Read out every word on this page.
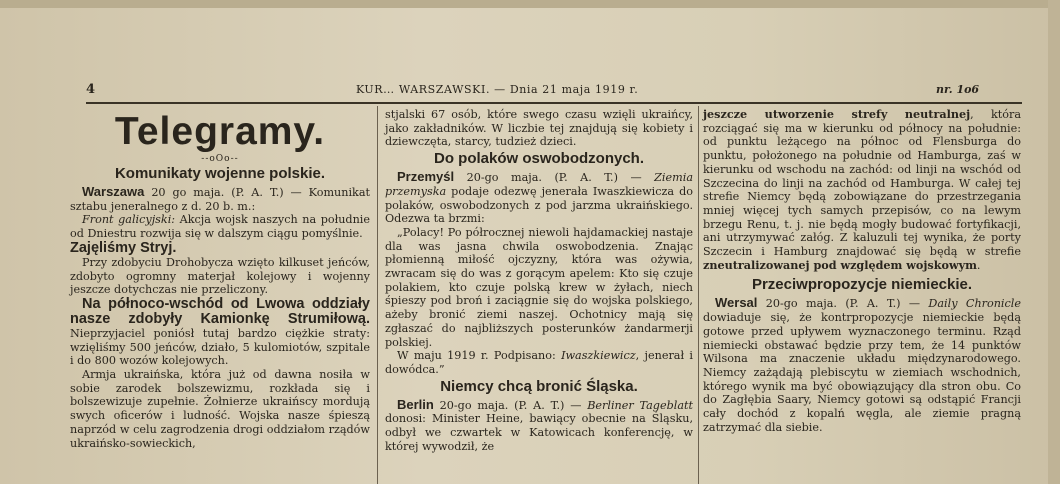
4	KUR… WARSZAWSKI. — Dnia 21 maja 1919 r.	nr. 1o6
Telegramy.
--oOo--
Komunikaty wojenne polskie.

Warszawa 20 go maja. (P. A. T.) — Komunikat sztabu jeneralnego z d. 20 b. m.:

Front galicyjski: Akcja wojsk naszych na południe od Dniestru rozwija się w dalszym ciągu pomyślnie.

Zajęliśmy Stryj.

Przy zdobyciu Drohobycza wzięto kilkuset jeńców, zdobyto ogromny materjał kolejowy i wojenny jeszcze dotychczas nie przeliczony.

Na północo-wschód od Lwowa oddziały nasze zdobyły Kamionkę Strumiłową. Nieprzyjaciel poniósł tutaj bardzo ciężkie straty: wzięliśmy 500 jeńców, działo, 5 kulomiotów, szpitale i do 800 wozów kolejowych.

Armja ukraińska, która już od dawna nosiła w sobie zarodek bolszewizmu, rozkłada się i bolszewizuje zupełnie. Żołnierze ukraińscy mordują swych oficerów i ludność. Wojska nasze śpieszą naprzód w celu zagrodzenia drogi oddziałom rządów ukraińsko-sowieckich,

stjalski 67 osób, które swego czasu wzięli ukraińcy, jako zakładników. W liczbie tej znajdują się kobiety i dziewczęta, starcy, tudzież dzieci.

Do polaków oswobodzonych.

Przemyśl 20-go maja. (P. A. T.) — Ziemia przemyska podaje odezwę jenerała Iwaszkiewicza do polaków, oswobodzonych z pod jarzma ukraińskiego. Odezwa ta brzmi:

„Polacy! Po półrocznej niewoli hajdamackiej nastaje dla was jasna chwila oswobodzenia. Znając płomienną miłość ojczyzny, która was ożywia, zwracam się do was z gorącym apelem: Kto się czuje polakiem, kto czuje polską krew w żyłach, niech śpieszy pod broń i zaciągnie się do wojska polskiego, ażeby bronić ziemi naszej. Ochotnicy mają się zgłaszać do najbliższych posterunków żandarmerji polskiej.

W maju 1919 r. Podpisano: Iwaszkiewicz, jenerał i dowódca.”

Niemcy chcą bronić Śląska.

Berlin 20-go maja. (P. A. T.) — Berliner Tageblatt donosi: Minister Heine, bawiący obecnie na Śląsku, odbył we czwartek w Katowicach konferencję, w której wywodził, że

jeszcze utworzenie strefy neutralnej, która rozciągać się ma w kierunku od północy na południe: od punktu leżącego na północ od Flensburga do punktu, położonego na południe od Hamburga, zaś w kierunku od wschodu na zachód: od linji na wschód od Szczecina do linji na zachód od Hamburga. W całej tej strefie Niemcy będą zobowiązane do przestrzegania mniej więcej tych samych przepisów, co na lewym brzegu Renu, t. j. nie będą mogły budować fortyfikacji, ani utrzymywać załóg. Z kaluzuli tej wynika, że porty Szczecin i Hamburg znajdować się będą w strefie zneutralizowanej pod względem wojskowym.

Przeciwpropozycje niemieckie.

Wersal 20-go maja. (P. A. T.) — Daily Chronicle dowiaduje się, że kontrpropozycje niemieckie będą gotowe przed upływem wyznaczonego terminu. Rząd niemiecki obstawać będzie przy tem, że 14 punktów Wilsona ma znaczenie układu międzynarodowego. Niemcy zażądają plebiscytu w ziemiach wschodnich, którego wynik ma być obowiązujący dla stron obu. Co do Zagłębia Saary, Niemcy gotowi są odstąpić Francji cały dochód z kopalń węgla, ale ziemie pragną zatrzymać dla siebie.
